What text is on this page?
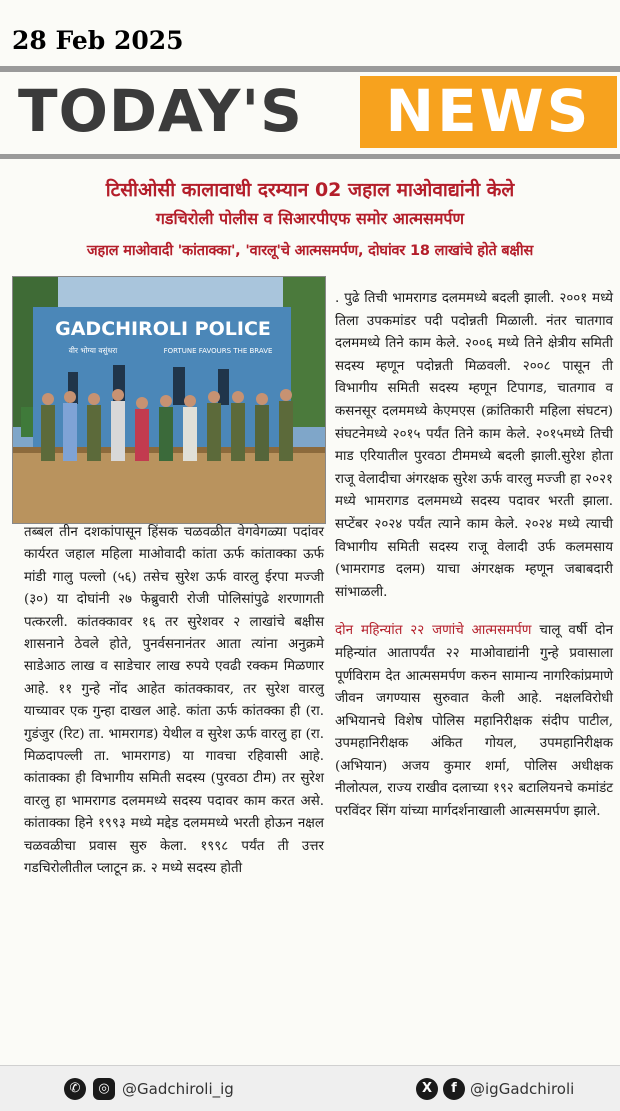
28 Feb 2025
TODAY'S	NEWS
टिसीओसी कालावाधी दरम्यान 02 जहाल माओवाद्यांनी केले
गडचिरोली पोलीस व सिआरपीएफ समोर आत्मसमर्पण
जहाल माओवादी 'कांताक्का', 'वारलू'चे आत्मसमर्पण, दोघांवर 18 लाखांचे होते बक्षीस
GADCHIROLI POLICE
वीर भोग्या वसुंधरा	FORTUNE FAVOURS THE BRAVE
तब्बल तीन दशकांपासून हिंसक चळवळीत वेगवेगळ्या पदांवर कार्यरत जहाल महिला माओवादी कांता ऊर्फ कांताक्का ऊर्फ मांडी गालु पल्लो (५६) तसेच सुरेश ऊर्फ वारलु ईरपा मज्जी (३०) या दोघांनी २७ फेब्रुवारी रोजी पोलिसांपुढे शरणागती पत्करली. कांतक्कावर १६ तर सुरेशवर २ लाखांचे बक्षीस शासनाने ठेवले होते, पुनर्वसनानंतर आता त्यांना अनुक्रमे साडेआठ लाख व साडेचार लाख रुपये एवढी रक्कम मिळणार आहे. ११ गुन्हे नोंद आहेत कांतक्कावर, तर सुरेश वारलु याच्यावर एक गुन्हा दाखल आहे. कांता ऊर्फ कांतक्का ही (रा. गुडंजुर (रिट) ता. भामरागड) येथील व सुरेश ऊर्फ वारलु हा (रा. मिळदापल्ली ता. भामरागड) या गावचा रहिवासी आहे. कांताक्का ही विभागीय समिती सदस्य (पुरवठा टीम) तर सुरेश वारलु हा भामरागड दलममध्ये सदस्य पदावर काम करत असे. कांताक्का हिने १९९३ मध्ये मद्देड दलममध्ये भरती होऊन नक्षल चळवळीचा प्रवास सुरु केला. १९९८ पर्यंत ती उत्तर गडचिरोलीतील प्लाटून क्र. २ मध्ये सदस्य होती

. पुढे तिची भामरागड दलममध्ये बदली झाली. २००१ मध्ये तिला उपकमांडर पदी पदोन्नती मिळाली. नंतर चातगाव दलममध्ये तिने काम केले. २००६ मध्ये तिने क्षेत्रीय समिती सदस्य म्हणून पदोन्नती मिळवली. २००८ पासून ती विभागीय समिती सदस्य म्हणून टिपागड, चातगाव व कसनसूर दलममध्ये केएमएस (क्रांतिकारी महिला संघटन) संघटनेमध्ये २०१५ पर्यंत तिने काम केले. २०१५मध्ये तिची माड एरियातील पुरवठा टीममध्ये बदली झाली.सुरेश होता राजू वेलादीचा अंगरक्षक सुरेश ऊर्फ वारलु मज्जी हा २०२१ मध्ये भामरागड दलममध्ये सदस्य पदावर भरती झाला. सप्टेंबर २०२४ पर्यंत त्याने काम केले. २०२४ मध्ये त्याची विभागीय समिती सदस्य राजू वेलादी उर्फ कलमसाय (भामरागड दलम) याचा अंगरक्षक म्हणून जबाबदारी सांभाळली.

दोन महिन्यांत २२ जणांचे आत्मसमर्पण चालू वर्षी दोन महिन्यांत आतापर्यंत २२ माओवाद्यांनी गुन्हे प्रवासाला पूर्णविराम देत आत्मसमर्पण करुन सामान्य नागरिकांप्रमाणे जीवन जगण्यास सुरुवात केली आहे. नक्षलविरोधी अभियानचे विशेष पोलिस महानिरीक्षक संदीप पाटील, उपमहानिरीक्षक अंकित गोयल, उपमहानिरीक्षक (अभियान) अजय कुमार शर्मा, पोलिस अधीक्षक नीलोत्पल, राज्य राखीव दलाच्या १९२ बटालियनचे कमांडंट परविंदर सिंग यांच्या मार्गदर्शनाखाली आत्मसमर्पण झाले.

✆	◎ @Gadchiroli_ig	X	f @igGadchiroli
